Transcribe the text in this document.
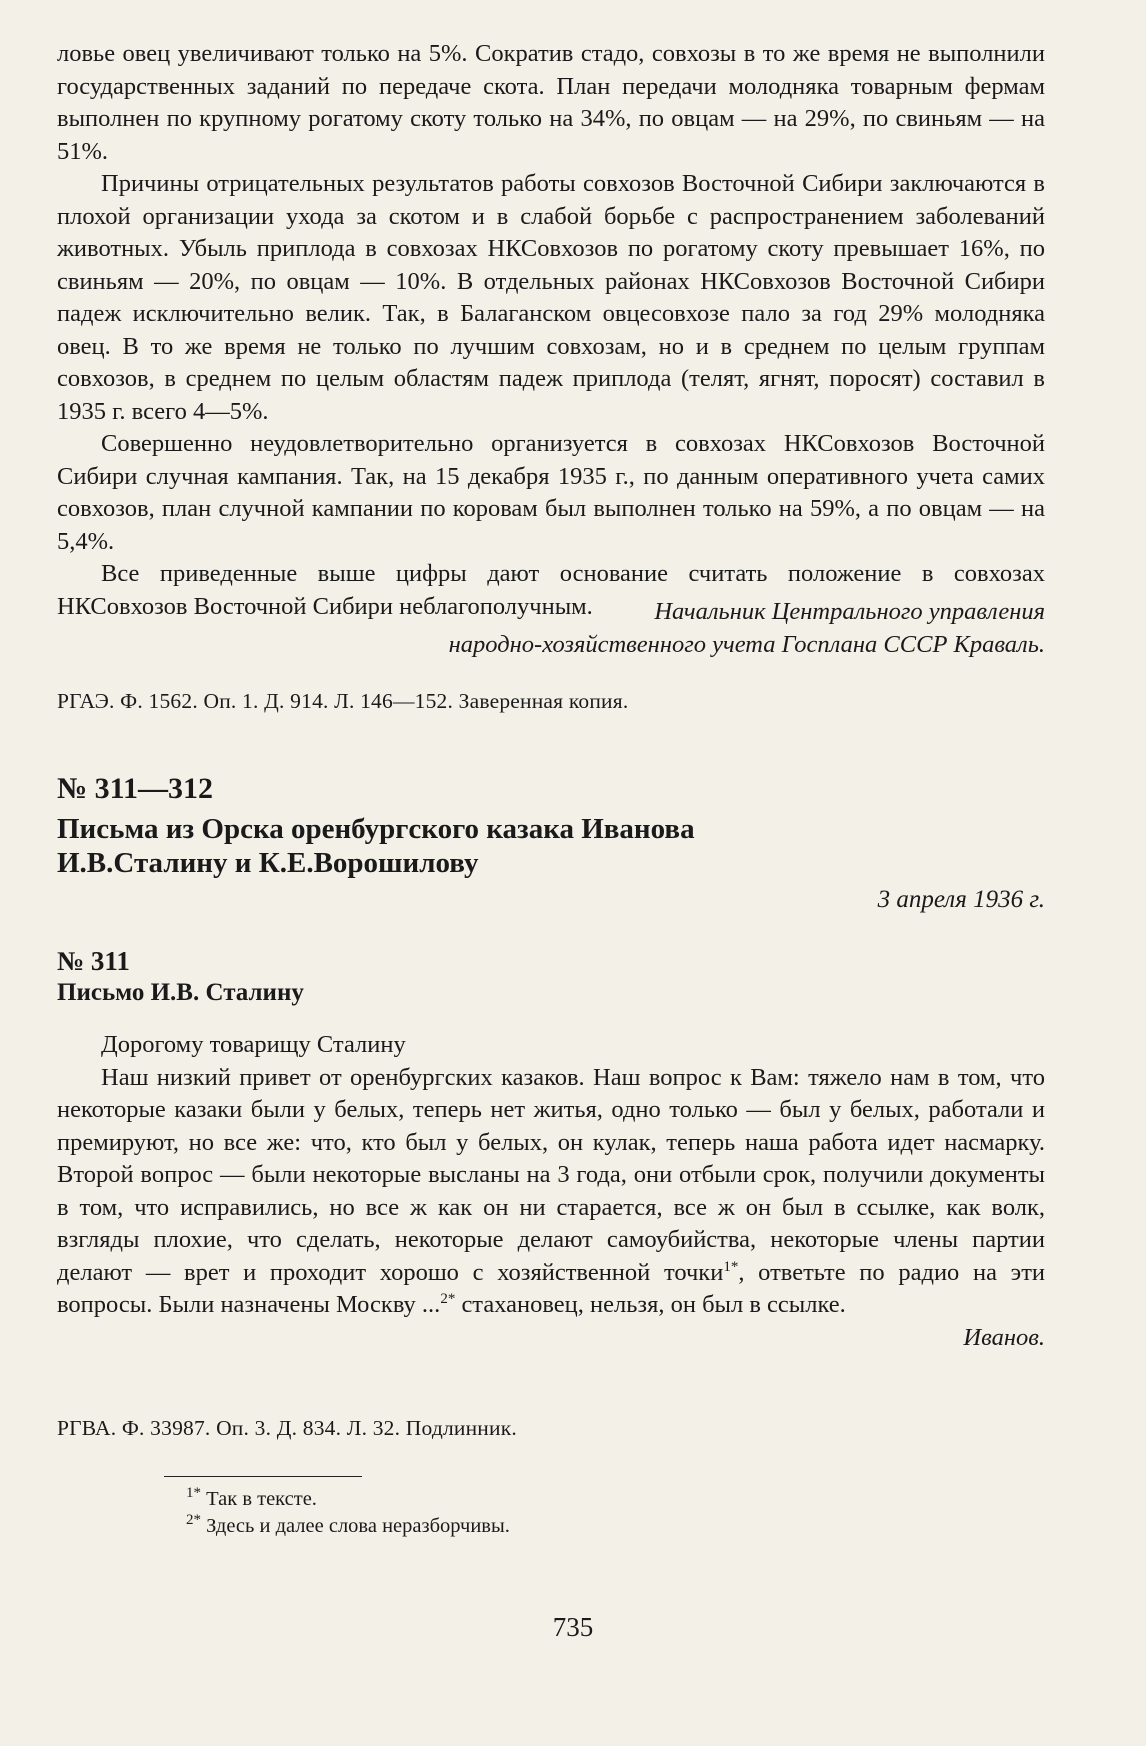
ловье овец увеличивают только на 5%. Сократив стадо, совхозы в то же время не выполнили государственных заданий по передаче скота. План передачи молодняка товарным фермам выполнен по крупному рогатому скоту только на 34%, по овцам — на 29%, по свиньям — на 51%.

Причины отрицательных результатов работы совхозов Восточной Сибири заключаются в плохой организации ухода за скотом и в слабой борьбе с распространением заболеваний животных. Убыль приплода в совхозах НКСовхозов по рогатому скоту превышает 16%, по свиньям — 20%, по овцам — 10%. В отдельных районах НКСовхозов Восточной Сибири падеж исключительно велик. Так, в Балаганском овцесовхозе пало за год 29% молодняка овец. В то же время не только по лучшим совхозам, но и в среднем по целым группам совхозов, в среднем по целым областям падеж приплода (телят, ягнят, поросят) составил в 1935 г. всего 4—5%.

Совершенно неудовлетворительно организуется в совхозах НКСовхозов Восточной Сибири случная кампания. Так, на 15 декабря 1935 г., по данным оперативного учета самих совхозов, план случной кампании по коровам был выполнен только на 59%, а по овцам — на 5,4%.

Все приведенные выше цифры дают основание считать положение в совхозах НКСовхозов Восточной Сибири неблагополучным.	Начальник Центрального управления

народно-хозяйственного учета Госплана СССР Краваль.

РГАЭ. Ф. 1562. Оп. 1. Д. 914. Л. 146—152. Заверенная копия.

№ 311—312

Письма из Орска оренбургского казака Иванова

И.В.Сталину и К.Е.Ворошилову

3 апреля 1936 г.

№ 311

Письмо И.В. Сталину

Дорогому товарищу Сталину

Наш низкий привет от оренбургских казаков. Наш вопрос к Вам: тяжело нам в том, что некоторые казаки были у белых, теперь нет житья, одно только — был у белых, работали и премируют, но все же: что, кто был у белых, он кулак, теперь наша работа идет насмарку. Второй вопрос — были некоторые высланы на 3 года, они отбыли срок, получили документы в том, что исправились, но все ж как он ни старается, все ж он был в ссылке, как волк, взгляды плохие, что сделать, некоторые делают самоубийства, некоторые члены партии делают — врет и проходит хорошо с хозяйственной точки$^{1*}$, ответьте по радио на эти вопросы. Были назначены Москву ...$^{2*}$ стахановец, нельзя, он был в ссылке.

Иванов.

РГВА. Ф. 33987. Оп. 3. Д. 834. Л. 32. Подлинник.

$^{1*}$ Так в тексте.
$^{2*}$ Здесь и далее слова неразборчивы.
735
